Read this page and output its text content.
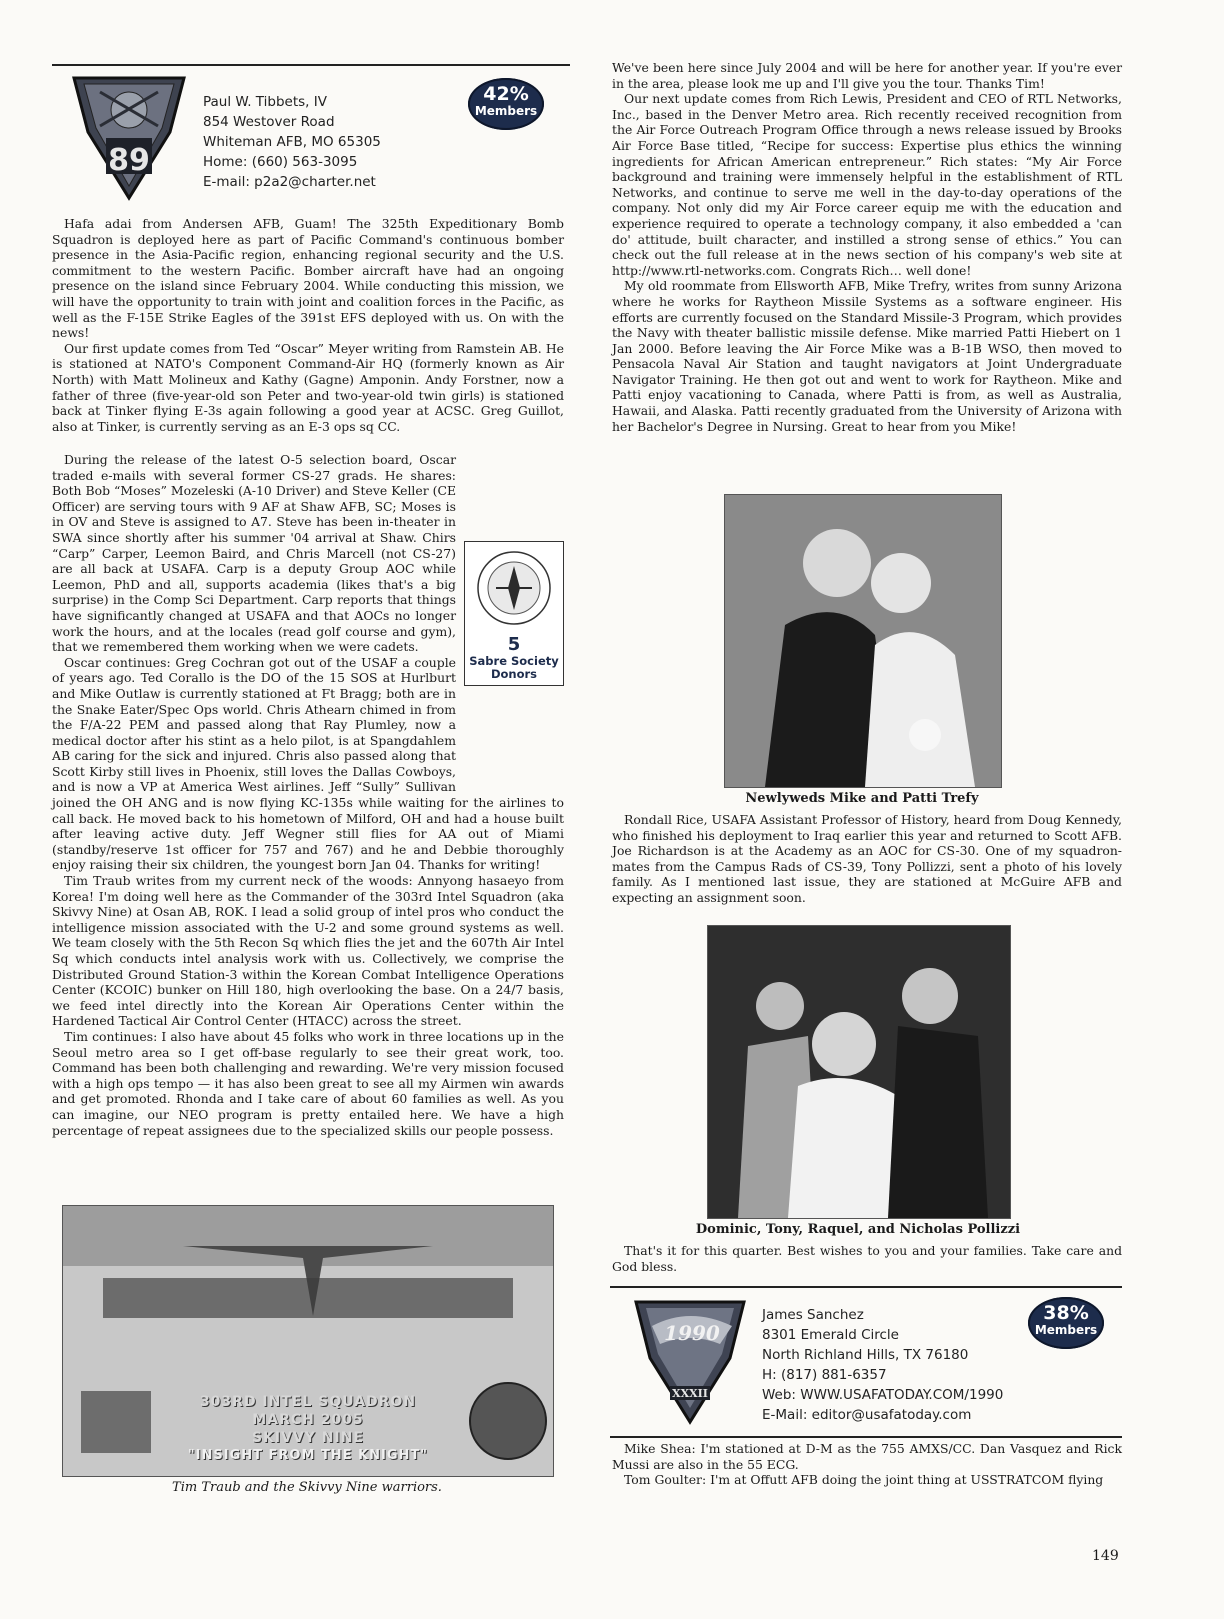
89
Paul W. Tibbets, IV
854 Westover Road
Whiteman AFB, MO 65305
Home: (660) 563-3095
E-mail: p2a2@charter.net
42%
Members

Hafa adai from Andersen AFB, Guam! The 325th Expeditionary Bomb Squadron is deployed here as part of Pacific Command's continuous bomber presence in the Asia-Pacific region, enhancing regional security and the U.S. commitment to the western Pacific. Bomber aircraft have had an ongoing presence on the island since February 2004. While conducting this mission, we will have the opportunity to train with joint and coalition forces in the Pacific, as well as the F-15E Strike Eagles of the 391st EFS deployed with us. On with the news!

Our first update comes from Ted “Oscar” Meyer writing from Ramstein AB. He is stationed at NATO's Component Command-Air HQ (formerly known as Air North) with Matt Molineux and Kathy (Gagne) Amponin. Andy Forstner, now a father of three (five-year-old son Peter and two-year-old twin girls) is stationed back at Tinker flying E-3s again following a good year at ACSC. Greg Guillot, also at Tinker, is currently serving as an E-3 ops sq CC.

During the release of the latest O-5 selection board, Oscar traded e-mails with several former CS-27 grads. He shares: Both Bob “Moses” Mozeleski (A-10 Driver) and Steve Keller (CE Officer) are serving tours with 9 AF at Shaw AFB, SC; Moses is in OV and Steve is assigned to A7. Steve has been in-theater in SWA since shortly after his summer '04 arrival at Shaw. Chirs “Carp” Carper, Leemon Baird, and Chris Marcell (not CS-27) are all back at USAFA. Carp is a deputy Group AOC while Leemon, PhD and all, supports academia (likes that's a big surprise) in the Comp Sci Department. Carp reports that things have significantly changed at USAFA and that AOCs no longer work the hours, and at the locales (read golf course and gym), that we remembered them working when we were cadets.

Oscar continues: Greg Cochran got out of the USAF a couple of years ago. Ted Corallo is the DO of the 15 SOS at Hurlburt and Mike Outlaw is currently stationed at Ft Bragg; both are in the Snake Eater/Spec Ops world. Chris Athearn chimed in from the F/A-22 PEM and passed along that Ray Plumley, now a medical doctor after his stint as a helo pilot, is at Spangdahlem AB caring for the sick and injured. Chris also passed along that Scott Kirby still lives in Phoenix, still loves the Dallas Cowboys, and is now a VP at America West airlines. Jeff “Sully” Sullivan joined the OH ANG and is now flying KC-135s while waiting for the airlines to call back. He moved back to his hometown of Milford, OH and had a house built after leaving active duty. Jeff Wegner still flies for AA out of Miami (standby/reserve 1st officer for 757 and 767) and he and Debbie thoroughly enjoy raising their six children, the youngest born Jan 04. Thanks for writing!

Tim Traub writes from my current neck of the woods: Annyong hasaeyo from Korea! I'm doing well here as the Commander of the 303rd Intel Squadron (aka Skivvy Nine) at Osan AB, ROK. I lead a solid group of intel pros who conduct the intelligence mission associated with the U-2 and some ground systems as well. We team closely with the 5th Recon Sq which flies the jet and the 607th Air Intel Sq which conducts intel analysis work with us. Collectively, we comprise the Distributed Ground Station-3 within the Korean Combat Intelligence Operations Center (KCOIC) bunker on Hill 180, high overlooking the base. On a 24/7 basis, we feed intel directly into the Korean Air Operations Center within the Hardened Tactical Air Control Center (HTACC) across the street.

Tim continues: I also have about 45 folks who work in three locations up in the Seoul metro area so I get off-base regularly to see their great work, too. Command has been both challenging and rewarding. We're very mission focused with a high ops tempo — it has also been great to see all my Airmen win awards and get promoted. Rhonda and I take care of about 60 families as well. As you can imagine, our NEO program is pretty entailed here. We have a high percentage of repeat assignees due to the specialized skills our people possess.

5
Sabre Society
Donors
303RD INTEL SQUADRON
MARCH 2005
SKIVVY NINE
"INSIGHT FROM THE KNIGHT"
Tim Traub and the Skivvy Nine warriors.

We've been here since July 2004 and will be here for another year. If you're ever in the area, please look me up and I'll give you the tour. Thanks Tim!

Our next update comes from Rich Lewis, President and CEO of RTL Networks, Inc., based in the Denver Metro area. Rich recently received recognition from the Air Force Outreach Program Office through a news release issued by Brooks Air Force Base titled, “Recipe for success: Expertise plus ethics the winning ingredients for African American entrepreneur.” Rich states: “My Air Force background and training were immensely helpful in the establishment of RTL Networks, and continue to serve me well in the day-to-day operations of the company. Not only did my Air Force career equip me with the education and experience required to operate a technology company, it also embedded a 'can do' attitude, built character, and instilled a strong sense of ethics.” You can check out the full release at in the news section of his company's web site at http://www.rtl-networks.com. Congrats Rich… well done!

My old roommate from Ellsworth AFB, Mike Trefry, writes from sunny Arizona where he works for Raytheon Missile Systems as a software engineer. His efforts are currently focused on the Standard Missile-3 Program, which provides the Navy with theater ballistic missile defense. Mike married Patti Hiebert on 1 Jan 2000. Before leaving the Air Force Mike was a B-1B WSO, then moved to Pensacola Naval Air Station and taught navigators at Joint Undergraduate Navigator Training. He then got out and went to work for Raytheon. Mike and Patti enjoy vacationing to Canada, where Patti is from, as well as Australia, Hawaii, and Alaska. Patti recently graduated from the University of Arizona with her Bachelor's Degree in Nursing. Great to hear from you Mike!

Newlyweds Mike and Patti Trefy

Rondall Rice, USAFA Assistant Professor of History, heard from Doug Kennedy, who finished his deployment to Iraq earlier this year and returned to Scott AFB. Joe Richardson is at the Academy as an AOC for CS-30. One of my squadron-mates from the Campus Rads of CS-39, Tony Pollizzi, sent a photo of his lovely family. As I mentioned last issue, they are stationed at McGuire AFB and expecting an assignment soon.

Dominic, Tony, Raquel, and Nicholas Pollizzi

That's it for this quarter. Best wishes to you and your families. Take care and God bless.

1990
XXXII
James Sanchez
8301 Emerald Circle
North Richland Hills, TX 76180
H: (817) 881-6357
Web: WWW.USAFATODAY.COM/1990
E-Mail: editor@usafatoday.com
38%
Members

Mike Shea: I'm stationed at D-M as the 755 AMXS/CC. Dan Vasquez and Rick Mussi are also in the 55 ECG.

Tom Goulter: I'm at Offutt AFB doing the joint thing at USSTRATCOM flying

149
